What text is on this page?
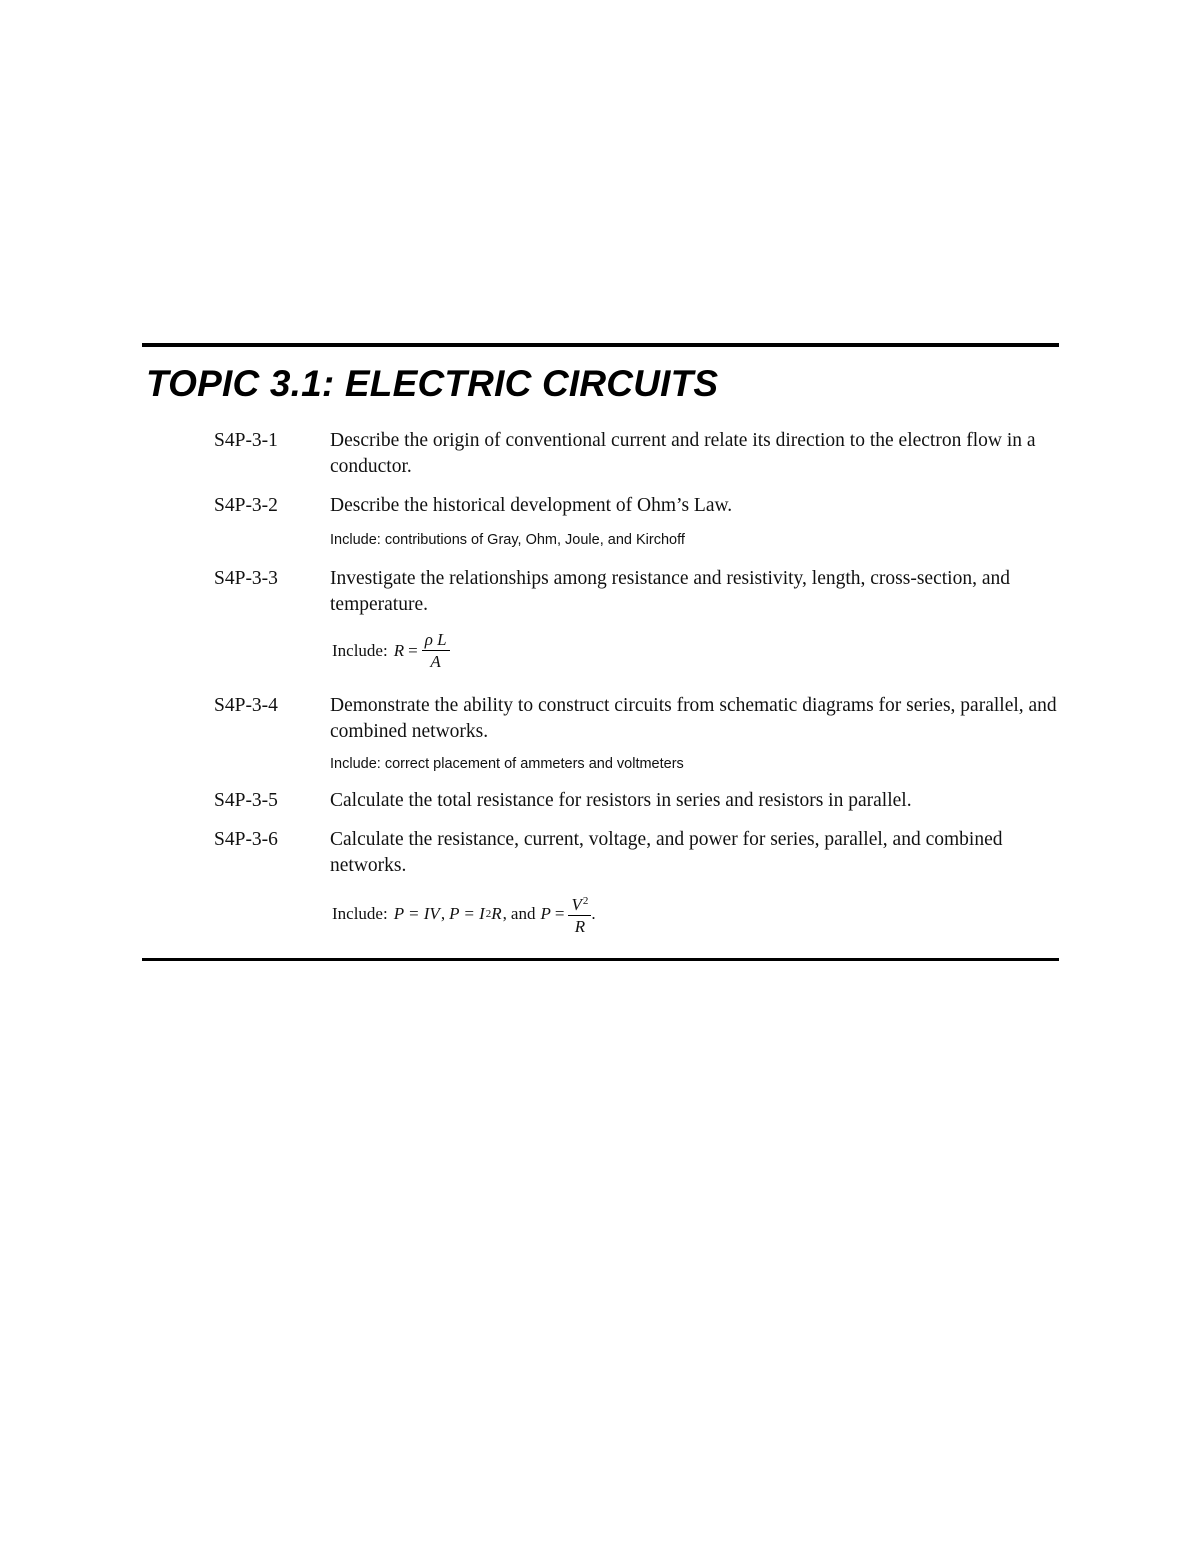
TOPIC 3.1: ELECTRIC CIRCUITS
S4P-3-1	Describe the origin of conventional current and relate its direction to the electron flow in a conductor.
S4P-3-2	Describe the historical development of Ohm’s Law.
Include: contributions of Gray, Ohm, Joule, and Kirchoff
S4P-3-3	Investigate the relationships among resistance and resistivity, length, cross-section, and temperature.
Include: $R = \frac{\text{ρ L}}{A}$
S4P-3-4	Demonstrate the ability to construct circuits from schematic diagrams for series, parallel, and combined networks.
Include: correct placement of ammeters and voltmeters
S4P-3-5	Calculate the total resistance for resistors in series and resistors in parallel.
S4P-3-6	Calculate the resistance, current, voltage, and power for series, parallel, and combined networks.
Include: P = IV , P = I 2 R , and $P = \frac{V^2}{R}$ .
